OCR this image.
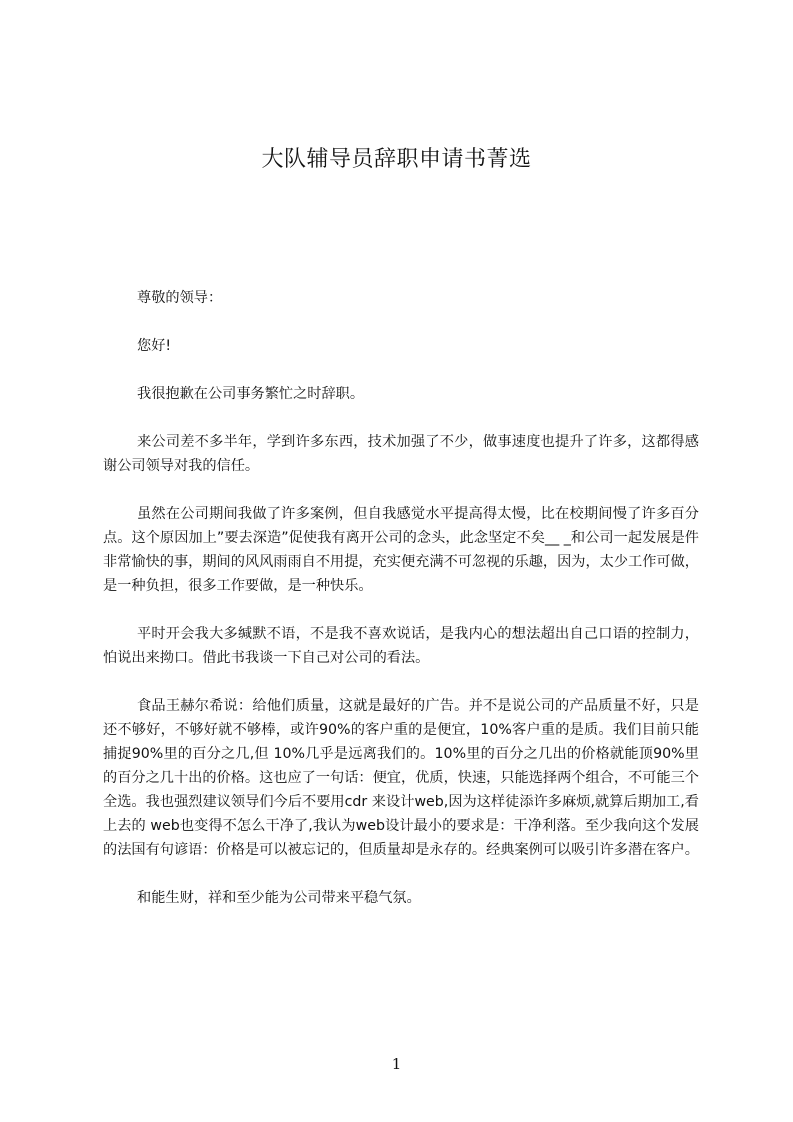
大队辅导员辞职申请书菁选

尊敬的领导：

您好!

我很抱歉在公司事务繁忙之时辞职。

来公司差不多半年，学到许多东西，技术加强了不少，做事速度也提升了许多，这都得感谢公司领导对我的信任。

虽然在公司期间我做了许多案例，但自我感觉水平提高得太慢，比在校期间慢了许多百分点。这个原因加上”要去深造”促使我有离开公司的念头，此念坚定不矣__ _和公司一起发展是件非常愉快的事，期间的风风雨雨自不用提，充实便充满不可忽视的乐趣，因为，太少工作可做，是一种负担，很多工作要做，是一种快乐。

平时开会我大多缄默不语，不是我不喜欢说话，是我内心的想法超出自己口语的控制力，怕说出来拗口。借此书我谈一下自己对公司的看法。

食品王赫尔希说：给他们质量，这就是最好的广告。并不是说公司的产品质量不好，只是还不够好，不够好就不够棒，或许90%的客户重的是便宜，10%客户重的是质。我们目前只能捕捉90%里的百分之几,但 10%几乎是远离我们的。10%里的百分之几出的价格就能顶90%里的百分之几十出的价格。这也应了一句话：便宜，优质，快速，只能选择两个组合，不可能三个全选。我也强烈建议领导们今后不要用cdr 来设计web,因为这样徒添许多麻烦,就算后期加工,看上去的 web也变得不怎么干净了,我认为web设计最小的要求是：干净利落。至少我向这个发展的法国有句谚语：价格是可以被忘记的，但质量却是永存的。经典案例可以吸引许多潜在客户。

和能生财，祥和至少能为公司带来平稳气氛。

1
